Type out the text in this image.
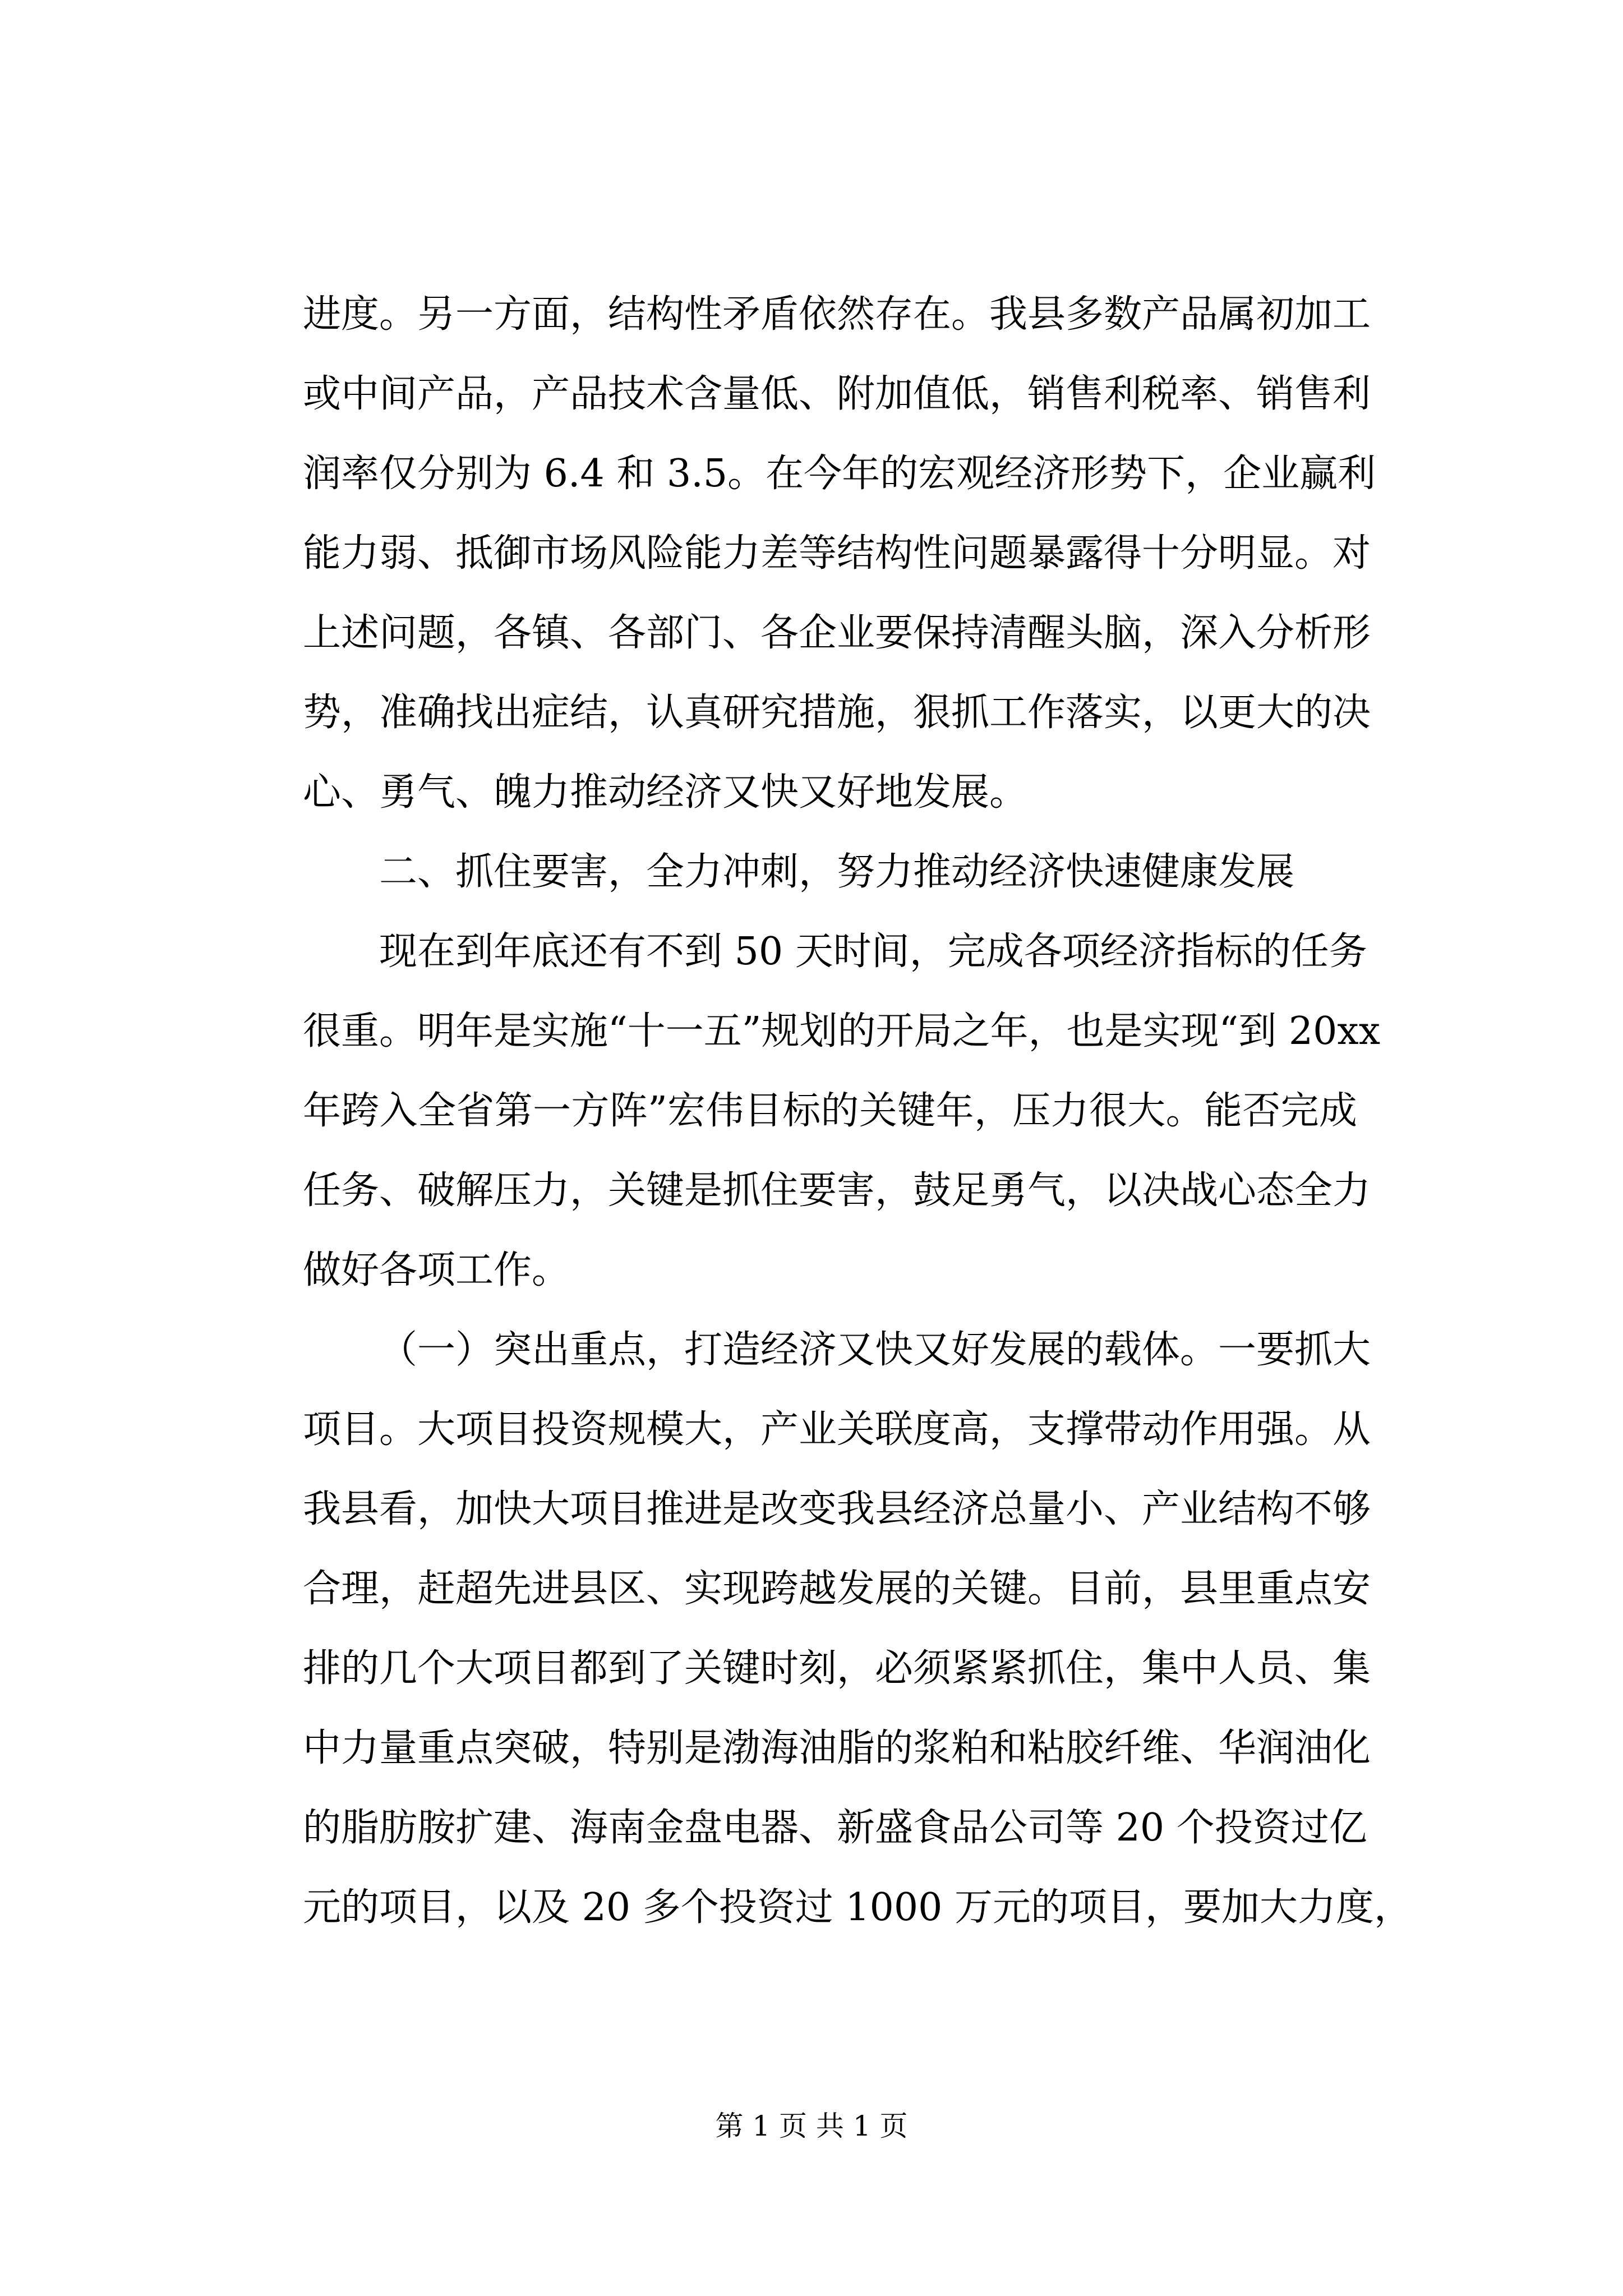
进度。另一方面，结构性矛盾依然存在。我县多数产品属初加工
或中间产品，产品技术含量低、附加值低，销售利税率、销售利
润率仅分别为 6.4 和 3.5。在今年的宏观经济形势下，企业赢利
能力弱、抵御市场风险能力差等结构性问题暴露得十分明显。对
上述问题，各镇、各部门、各企业要保持清醒头脑，深入分析形
势，准确找出症结，认真研究措施，狠抓工作落实，以更大的决
心、勇气、魄力推动经济又快又好地发展。
二、抓住要害，全力冲刺，努力推动经济快速健康发展
现在到年底还有不到 50 天时间，完成各项经济指标的任务
很重。明年是实施“十一五”规划的开局之年，也是实现“到 20xx
年跨入全省第一方阵”宏伟目标的关键年，压力很大。能否完成
任务、破解压力，关键是抓住要害，鼓足勇气，以决战心态全力
做好各项工作。
（一）突出重点，打造经济又快又好发展的载体。一要抓大
项目。大项目投资规模大，产业关联度高，支撑带动作用强。从
我县看，加快大项目推进是改变我县经济总量小、产业结构不够
合理，赶超先进县区、实现跨越发展的关键。目前，县里重点安
排的几个大项目都到了关键时刻，必须紧紧抓住，集中人员、集
中力量重点突破，特别是渤海油脂的浆粕和粘胶纤维、华润油化
的脂肪胺扩建、海南金盘电器、新盛食品公司等 20 个投资过亿
元的项目，以及 20 多个投资过 1000 万元的项目，要加大力度，
第 1 页 共 1 页
